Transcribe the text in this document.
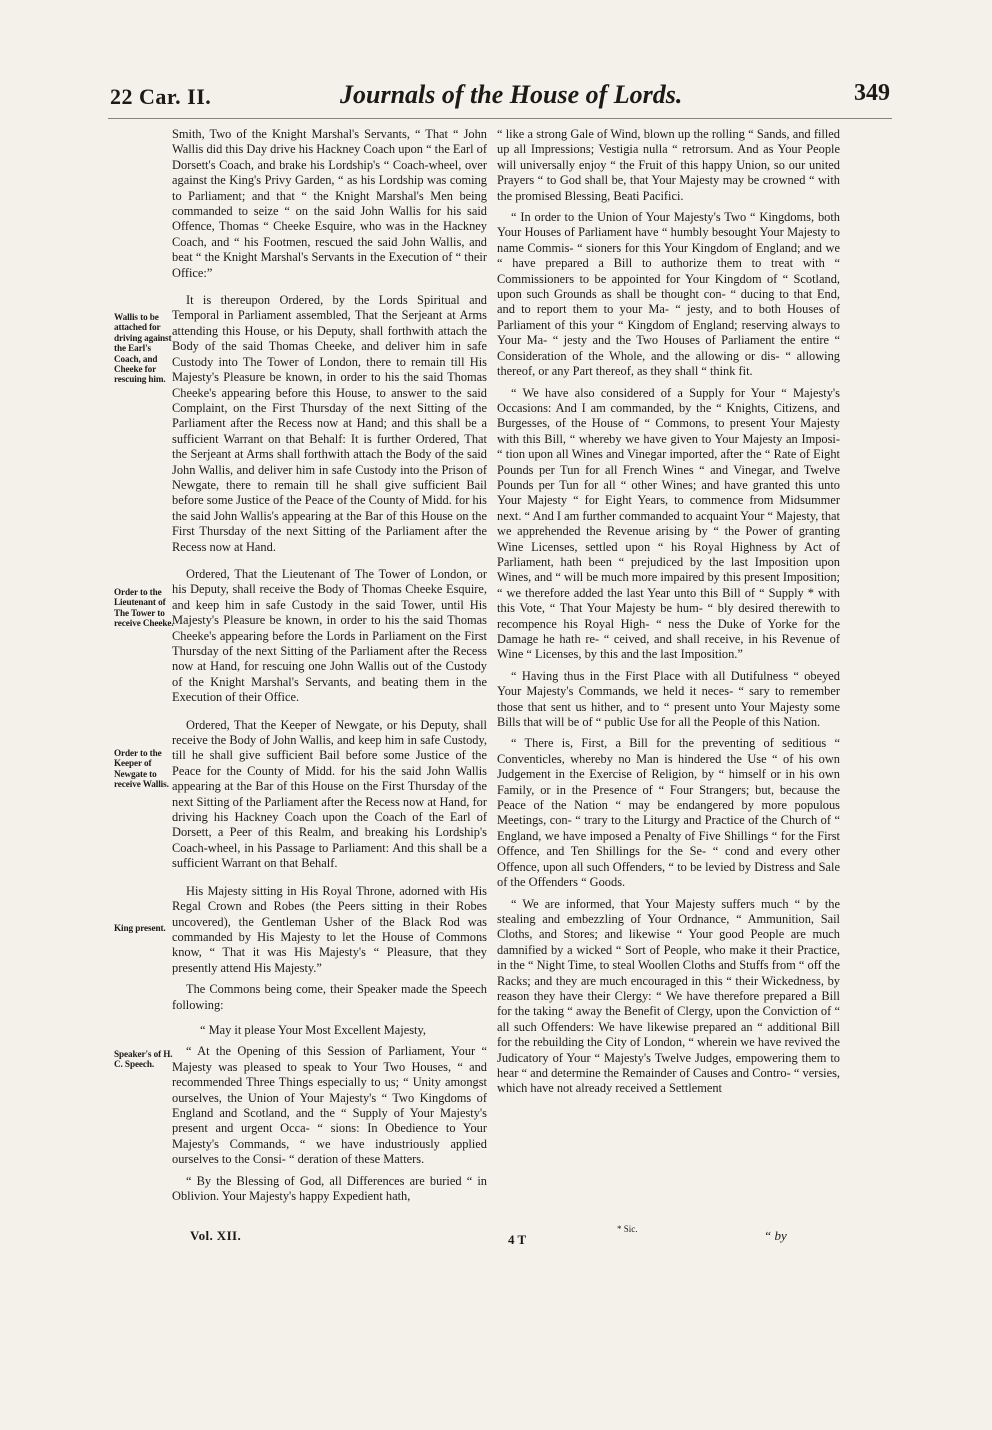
22 Car. II.	Journals of the House of Lords.	349
Wallis to be attached for driving against the Earl's Coach, and Cheeke for rescuing him.
Order to the Lieutenant of The Tower to receive Cheeke.
Order to the Keeper of Newgate to receive Wallis.
King present.
Speaker's of H. C. Speech.

Smith, Two of the Knight Marshal's Servants, “ That “ John Wallis did this Day drive his Hackney Coach upon “ the Earl of Dorsett's Coach, and brake his Lordship's “ Coach-wheel, over against the King's Privy Garden, “ as his Lordship was coming to Parliament; and that “ the Knight Marshal's Men being commanded to seize “ on the said John Wallis for his said Offence, Thomas “ Cheeke Esquire, who was in the Hackney Coach, and “ his Footmen, rescued the said John Wallis, and beat “ the Knight Marshal's Servants in the Execution of “ their Office:”

It is thereupon Ordered, by the Lords Spiritual and Temporal in Parliament assembled, That the Serjeant at Arms attending this House, or his Deputy, shall forthwith attach the Body of the said Thomas Cheeke, and deliver him in safe Custody into The Tower of London, there to remain till His Majesty's Pleasure be known, in order to his the said Thomas Cheeke's appearing before this House, to answer to the said Complaint, on the First Thursday of the next Sitting of the Parliament after the Recess now at Hand; and this shall be a sufficient Warrant on that Behalf: It is further Ordered, That the Serjeant at Arms shall forthwith attach the Body of the said John Wallis, and deliver him in safe Custody into the Prison of Newgate, there to remain till he shall give sufficient Bail before some Justice of the Peace of the County of Midd. for his the said John Wallis's appearing at the Bar of this House on the First Thursday of the next Sitting of the Parliament after the Recess now at Hand.

Ordered, That the Lieutenant of The Tower of London, or his Deputy, shall receive the Body of Thomas Cheeke Esquire, and keep him in safe Custody in the said Tower, until His Majesty's Pleasure be known, in order to his the said Thomas Cheeke's appearing before the Lords in Parliament on the First Thursday of the next Sitting of the Parliament after the Recess now at Hand, for rescuing one John Wallis out of the Custody of the Knight Marshal's Servants, and beating them in the Execution of their Office.

Ordered, That the Keeper of Newgate, or his Deputy, shall receive the Body of John Wallis, and keep him in safe Custody, till he shall give sufficient Bail before some Justice of the Peace for the County of Midd. for his the said John Wallis appearing at the Bar of this House on the First Thursday of the next Sitting of the Parliament after the Recess now at Hand, for driving his Hackney Coach upon the Coach of the Earl of Dorsett, a Peer of this Realm, and breaking his Lordship's Coach-wheel, in his Passage to Parliament: And this shall be a sufficient Warrant on that Behalf.

His Majesty sitting in His Royal Throne, adorned with His Regal Crown and Robes (the Peers sitting in their Robes uncovered), the Gentleman Usher of the Black Rod was commanded by His Majesty to let the House of Commons know, “ That it was His Majesty's “ Pleasure, that they presently attend His Majesty.”

The Commons being come, their Speaker made the Speech following:

“ May it please Your Most Excellent Majesty,

“ At the Opening of this Session of Parliament, Your “ Majesty was pleased to speak to Your Two Houses, “ and recommended Three Things especially to us; “ Unity amongst ourselves, the Union of Your Majesty's “ Two Kingdoms of England and Scotland, and the “ Supply of Your Majesty's present and urgent Occa- “ sions: In Obedience to Your Majesty's Commands, “ we have industriously applied ourselves to the Consi- “ deration of these Matters.

“ By the Blessing of God, all Differences are buried “ in Oblivion. Your Majesty's happy Expedient hath,

“ like a strong Gale of Wind, blown up the rolling “ Sands, and filled up all Impressions; Vestigia nulla “ retrorsum. And as Your People will universally enjoy “ the Fruit of this happy Union, so our united Prayers “ to God shall be, that Your Majesty may be crowned “ with the promised Blessing, Beati Pacifici.

“ In order to the Union of Your Majesty's Two “ Kingdoms, both Your Houses of Parliament have “ humbly besought Your Majesty to name Commis- “ sioners for this Your Kingdom of England; and we “ have prepared a Bill to authorize them to treat with “ Commissioners to be appointed for Your Kingdom of “ Scotland, upon such Grounds as shall be thought con- “ ducing to that End, and to report them to your Ma- “ jesty, and to both Houses of Parliament of this your “ Kingdom of England; reserving always to Your Ma- “ jesty and the Two Houses of Parliament the entire “ Consideration of the Whole, and the allowing or dis- “ allowing thereof, or any Part thereof, as they shall “ think fit.

“ We have also considered of a Supply for Your “ Majesty's Occasions: And I am commanded, by the “ Knights, Citizens, and Burgesses, of the House of “ Commons, to present Your Majesty with this Bill, “ whereby we have given to Your Majesty an Imposi- “ tion upon all Wines and Vinegar imported, after the “ Rate of Eight Pounds per Tun for all French Wines “ and Vinegar, and Twelve Pounds per Tun for all “ other Wines; and have granted this unto Your Majesty “ for Eight Years, to commence from Midsummer next. “ And I am further commanded to acquaint Your “ Majesty, that we apprehended the Revenue arising by “ the Power of granting Wine Licenses, settled upon “ his Royal Highness by Act of Parliament, hath been “ prejudiced by the last Imposition upon Wines, and “ will be much more impaired by this present Imposition; “ we therefore added the last Year unto this Bill of “ Supply * with this Vote, “ That Your Majesty be hum- “ bly desired therewith to recompence his Royal High- “ ness the Duke of Yorke for the Damage he hath re- “ ceived, and shall receive, in his Revenue of Wine “ Licenses, by this and the last Imposition.”

“ Having thus in the First Place with all Dutifulness “ obeyed Your Majesty's Commands, we held it neces- “ sary to remember those that sent us hither, and to “ present unto Your Majesty some Bills that will be of “ public Use for all the People of this Nation.

“ There is, First, a Bill for the preventing of seditious “ Conventicles, whereby no Man is hindered the Use “ of his own Judgement in the Exercise of Religion, by “ himself or in his own Family, or in the Presence of “ Four Strangers; but, because the Peace of the Nation “ may be endangered by more populous Meetings, con- “ trary to the Liturgy and Practice of the Church of “ England, we have imposed a Penalty of Five Shillings “ for the First Offence, and Ten Shillings for the Se- “ cond and every other Offence, upon all such Offenders, “ to be levied by Distress and Sale of the Offenders “ Goods.

“ We are informed, that Your Majesty suffers much “ by the stealing and embezzling of Your Ordnance, “ Ammunition, Sail Cloths, and Stores; and likewise “ Your good People are much damnified by a wicked “ Sort of People, who make it their Practice, in the “ Night Time, to steal Woollen Cloths and Stuffs from “ off the Racks; and they are much encouraged in this “ their Wickedness, by reason they have their Clergy: “ We have therefore prepared a Bill for the taking “ away the Benefit of Clergy, upon the Conviction of “ all such Offenders: We have likewise prepared an “ additional Bill for the rebuilding the City of London, “ wherein we have revived the Judicatory of Your “ Majesty's Twelve Judges, empowering them to hear “ and determine the Remainder of Causes and Contro- “ versies, which have not already received a Settlement

Vol. XII.	4 T
* Sic.	“ by
